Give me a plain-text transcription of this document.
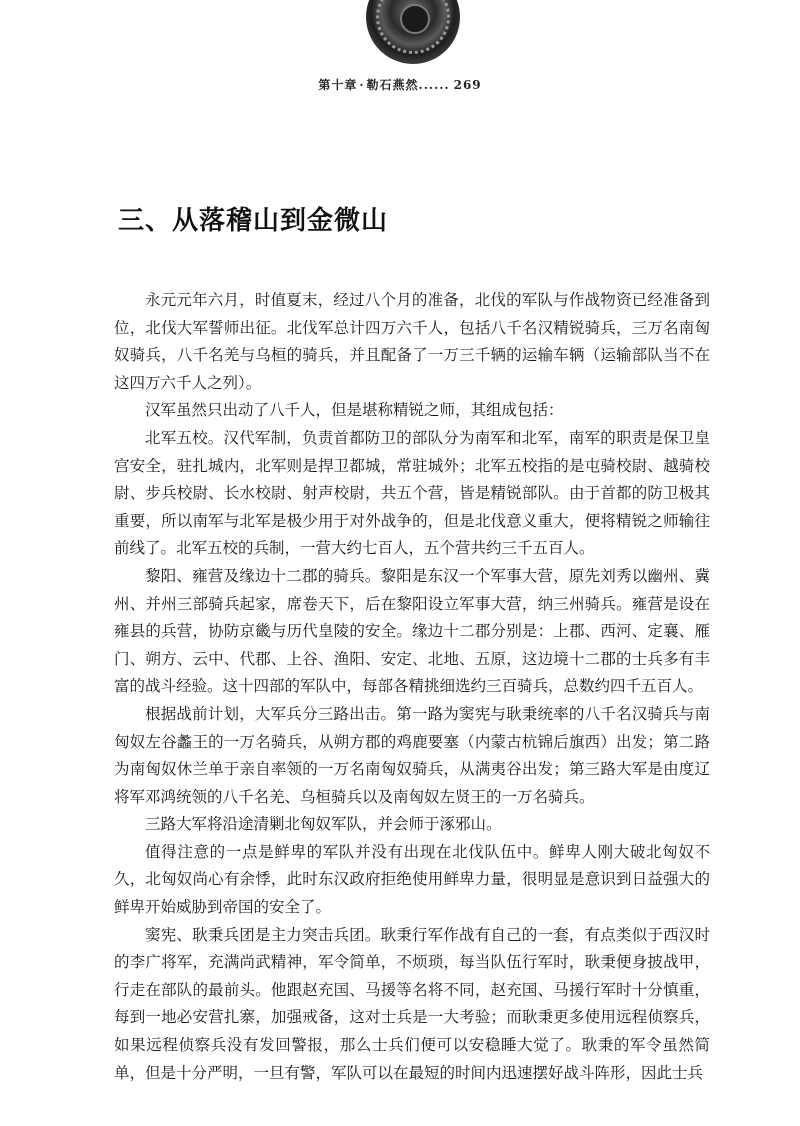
第十章 · 勒石燕然...... 269
三、从落稽山到金微山

永元元年六月，时值夏末，经过八个月的准备，北伐的军队与作战物资已经准备到位，北伐大军誓师出征。北伐军总计四万六千人，包括八千名汉精锐骑兵，三万名南匈奴骑兵，八千名羌与乌桓的骑兵，并且配备了一万三千辆的运输车辆（运输部队当不在这四万六千人之列）。

汉军虽然只出动了八千人，但是堪称精锐之师，其组成包括：

北军五校。汉代军制，负责首都防卫的部队分为南军和北军，南军的职责是保卫皇宫安全，驻扎城内，北军则是捍卫都城，常驻城外；北军五校指的是屯骑校尉、越骑校尉、步兵校尉、长水校尉、射声校尉，共五个营，皆是精锐部队。由于首都的防卫极其重要，所以南军与北军是极少用于对外战争的，但是北伐意义重大，便将精锐之师输往前线了。北军五校的兵制，一营大约七百人，五个营共约三千五百人。

黎阳、雍营及缘边十二郡的骑兵。黎阳是东汉一个军事大营，原先刘秀以幽州、冀州、并州三部骑兵起家，席卷天下，后在黎阳设立军事大营，纳三州骑兵。雍营是设在雍县的兵营，协防京畿与历代皇陵的安全。缘边十二郡分别是：上郡、西河、定襄、雁门、朔方、云中、代郡、上谷、渔阳、安定、北地、五原，这边境十二郡的士兵多有丰富的战斗经验。这十四部的军队中，每部各精挑细选约三百骑兵，总数约四千五百人。

根据战前计划，大军兵分三路出击。第一路为窦宪与耿秉统率的八千名汉骑兵与南匈奴左谷蠡王的一万名骑兵，从朔方郡的鸡鹿要塞（内蒙古杭锦后旗西）出发；第二路为南匈奴休兰单于亲自率领的一万名南匈奴骑兵，从满夷谷出发；第三路大军是由度辽将军邓鸿统领的八千名羌、乌桓骑兵以及南匈奴左贤王的一万名骑兵。

三路大军将沿途清剿北匈奴军队，并会师于涿邪山。

值得注意的一点是鲜卑的军队并没有出现在北伐队伍中。鲜卑人刚大破北匈奴不久，北匈奴尚心有余悸，此时东汉政府拒绝使用鲜卑力量，很明显是意识到日益强大的鲜卑开始威胁到帝国的安全了。

窦宪、耿秉兵团是主力突击兵团。耿秉行军作战有自己的一套，有点类似于西汉时的李广将军，充满尚武精神，军令简单，不烦琐，每当队伍行军时，耿秉便身披战甲，行走在部队的最前头。他跟赵充国、马援等名将不同，赵充国、马援行军时十分慎重，每到一地必安营扎寨，加强戒备，这对士兵是一大考验；而耿秉更多使用远程侦察兵，如果远程侦察兵没有发回警报，那么士兵们便可以安稳睡大觉了。耿秉的军令虽然简单，但是十分严明，一旦有警，军队可以在最短的时间内迅速摆好战斗阵形，因此士兵
